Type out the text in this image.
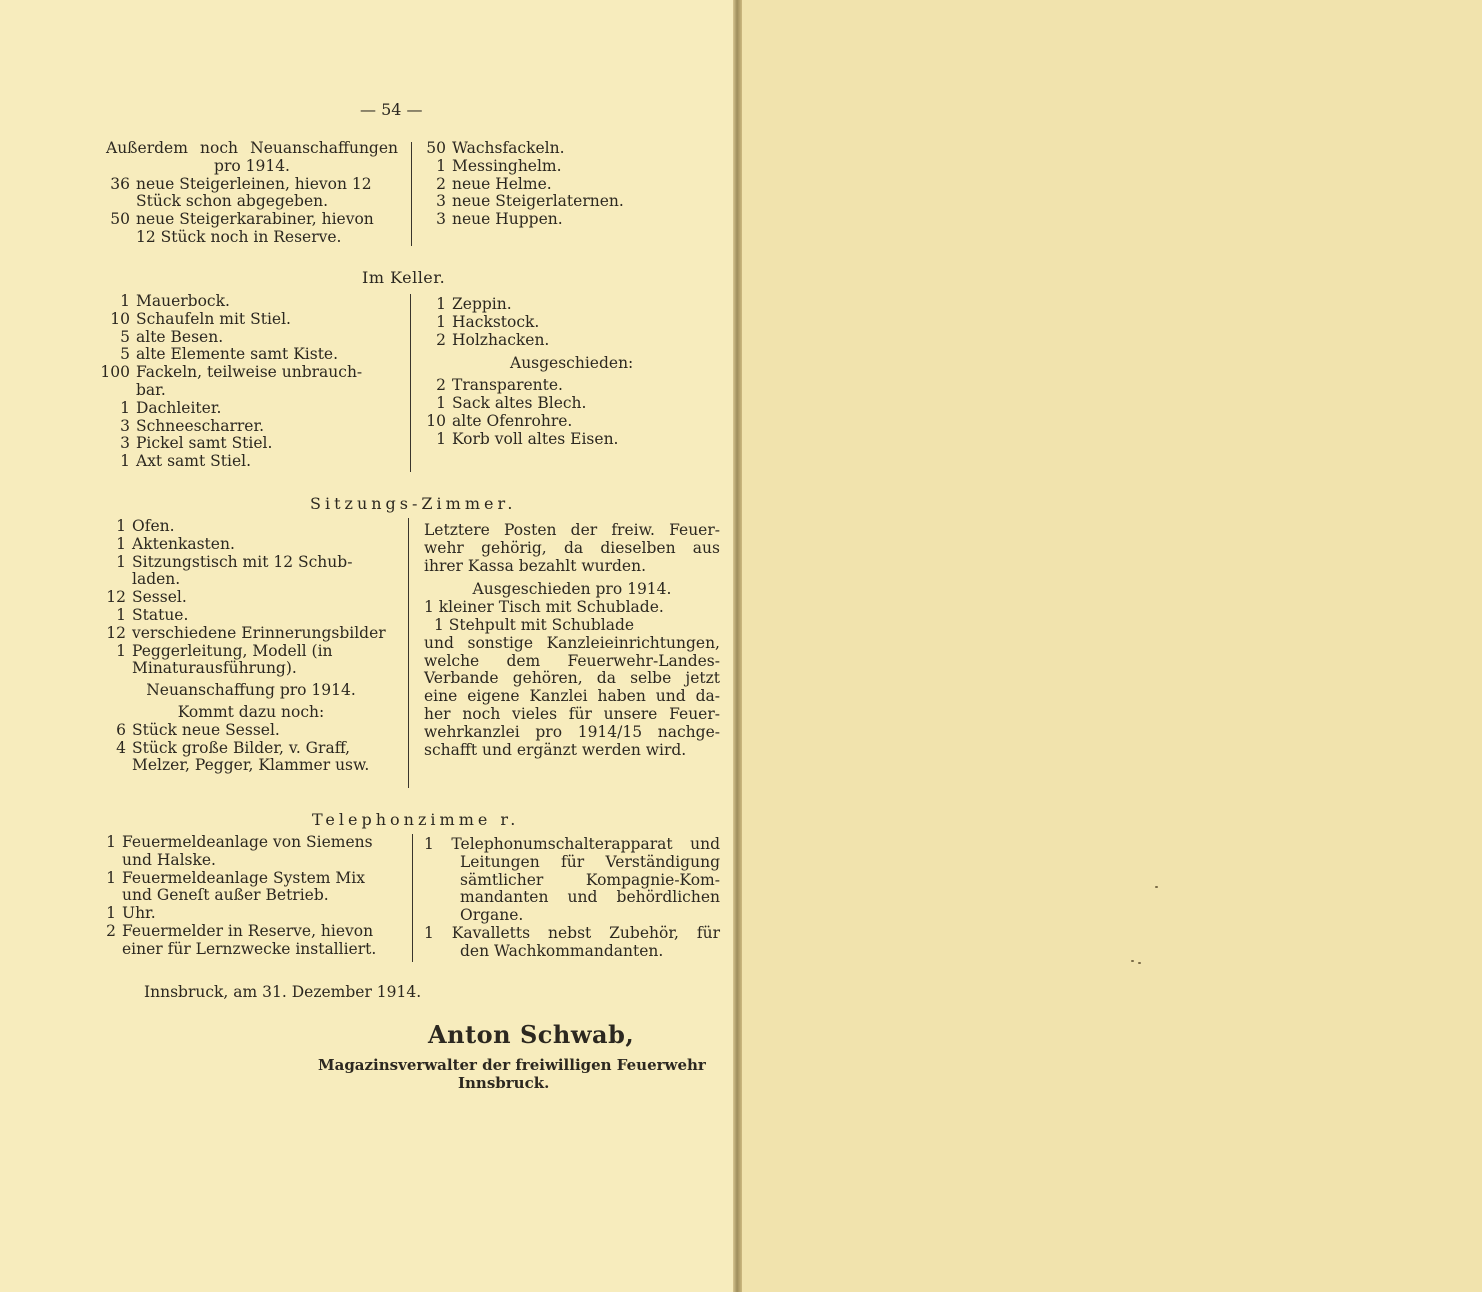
— 54 —
Außerdem noch Neuanschaffungen
pro 1914.
36 neue Steigerleinen, hievon 12
Stück schon abgegeben.
50 neue Steigerkarabiner, hievon
12 Stück noch in Reserve.
50 Wachsfackeln.
1 Messinghelm.
2 neue Helme.
3 neue Steigerlaternen.
3 neue Huppen.
Im Keller.
1 Mauerbock.
10 Schaufeln mit Stiel.
5 alte Besen.
5 alte Elemente samt Kiste.
100 Fackeln, teilweise unbrauch-
bar.
1 Dachleiter.
3 Schneescharrer.
3 Pickel samt Stiel.
1 Axt samt Stiel.
1 Zeppin.
1 Hackstock.
2 Holzhacken.
Ausgeschieden:
2 Transparente.
1 Sack altes Blech.
10 alte Ofenrohre.
1 Korb voll altes Eisen.
Sitzungs-Zimmer.
1 Ofen.
1 Aktenkasten.
1 Sitzungstisch mit 12 Schub-
laden.
12 Sessel.
1 Statue.
12 verschiedene Erinnerungsbilder
1 Peggerleitung, Modell (in
Minaturausführung).
Neuanschaffung pro 1914.
Kommt dazu noch:
6 Stück neue Sessel.
4 Stück große Bilder, v. Graff,
Melzer, Pegger, Klammer usw.
Letztere Posten der freiw. Feuer-
wehr gehörig, da dieselben aus
ihrer Kassa bezahlt wurden.
Ausgeschieden pro 1914.
1 kleiner Tisch mit Schublade.
1 Stehpult mit Schublade
und sonstige Kanzleieinrichtungen,
welche dem Feuerwehr-Landes-
Verbande gehören, da selbe jetzt
eine eigene Kanzlei haben und da-
her noch vieles für unsere Feuer-
wehrkanzlei pro 1914/15 nachge-
schafft und ergänzt werden wird.
Telephonzimme r.
1 Feuermeldeanlage von Siemens
und Halske.
1 Feuermeldeanlage System Mix
und Geneſt außer Betrieb.
1 Uhr.
2 Feuermelder in Reserve, hievon
einer für Lernzwecke installiert.
1 Telephonumschalterapparat und
Leitungen für Verständigung
sämtlicher Kompagnie-Kom-
mandanten und behördlichen
Organe.
1 Kavalletts nebst Zubehör, für
den Wachkommandanten.
Innsbruck, am 31. Dezember 1914.
Anton Schwab,
Magazinsverwalter der freiwilligen Feuerwehr
Innsbruck.
